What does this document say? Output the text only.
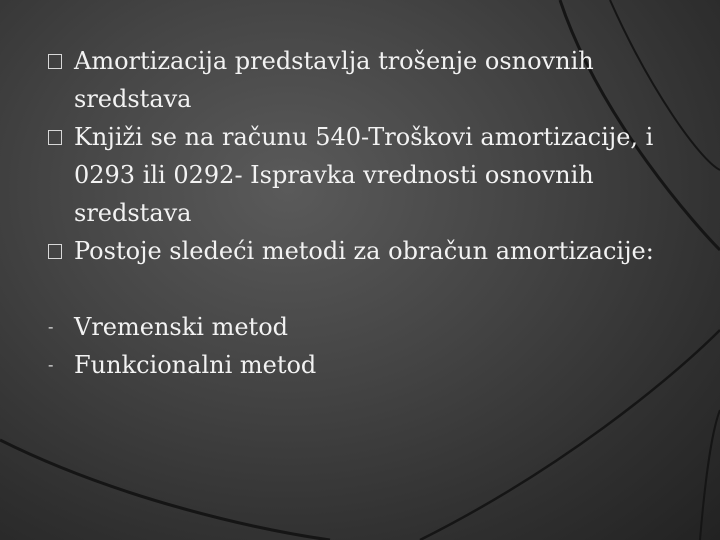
Amortizacija predstavlja trošenje osnovnih sredstava
Knjiži se na računu 540-Troškovi amortizacije, i 0293 ili 0292- Ispravka vrednosti osnovnih sredstava
Postoje sledeći metodi za obračun amortizacije:
- Vremenski metod
- Funkcionalni metod
